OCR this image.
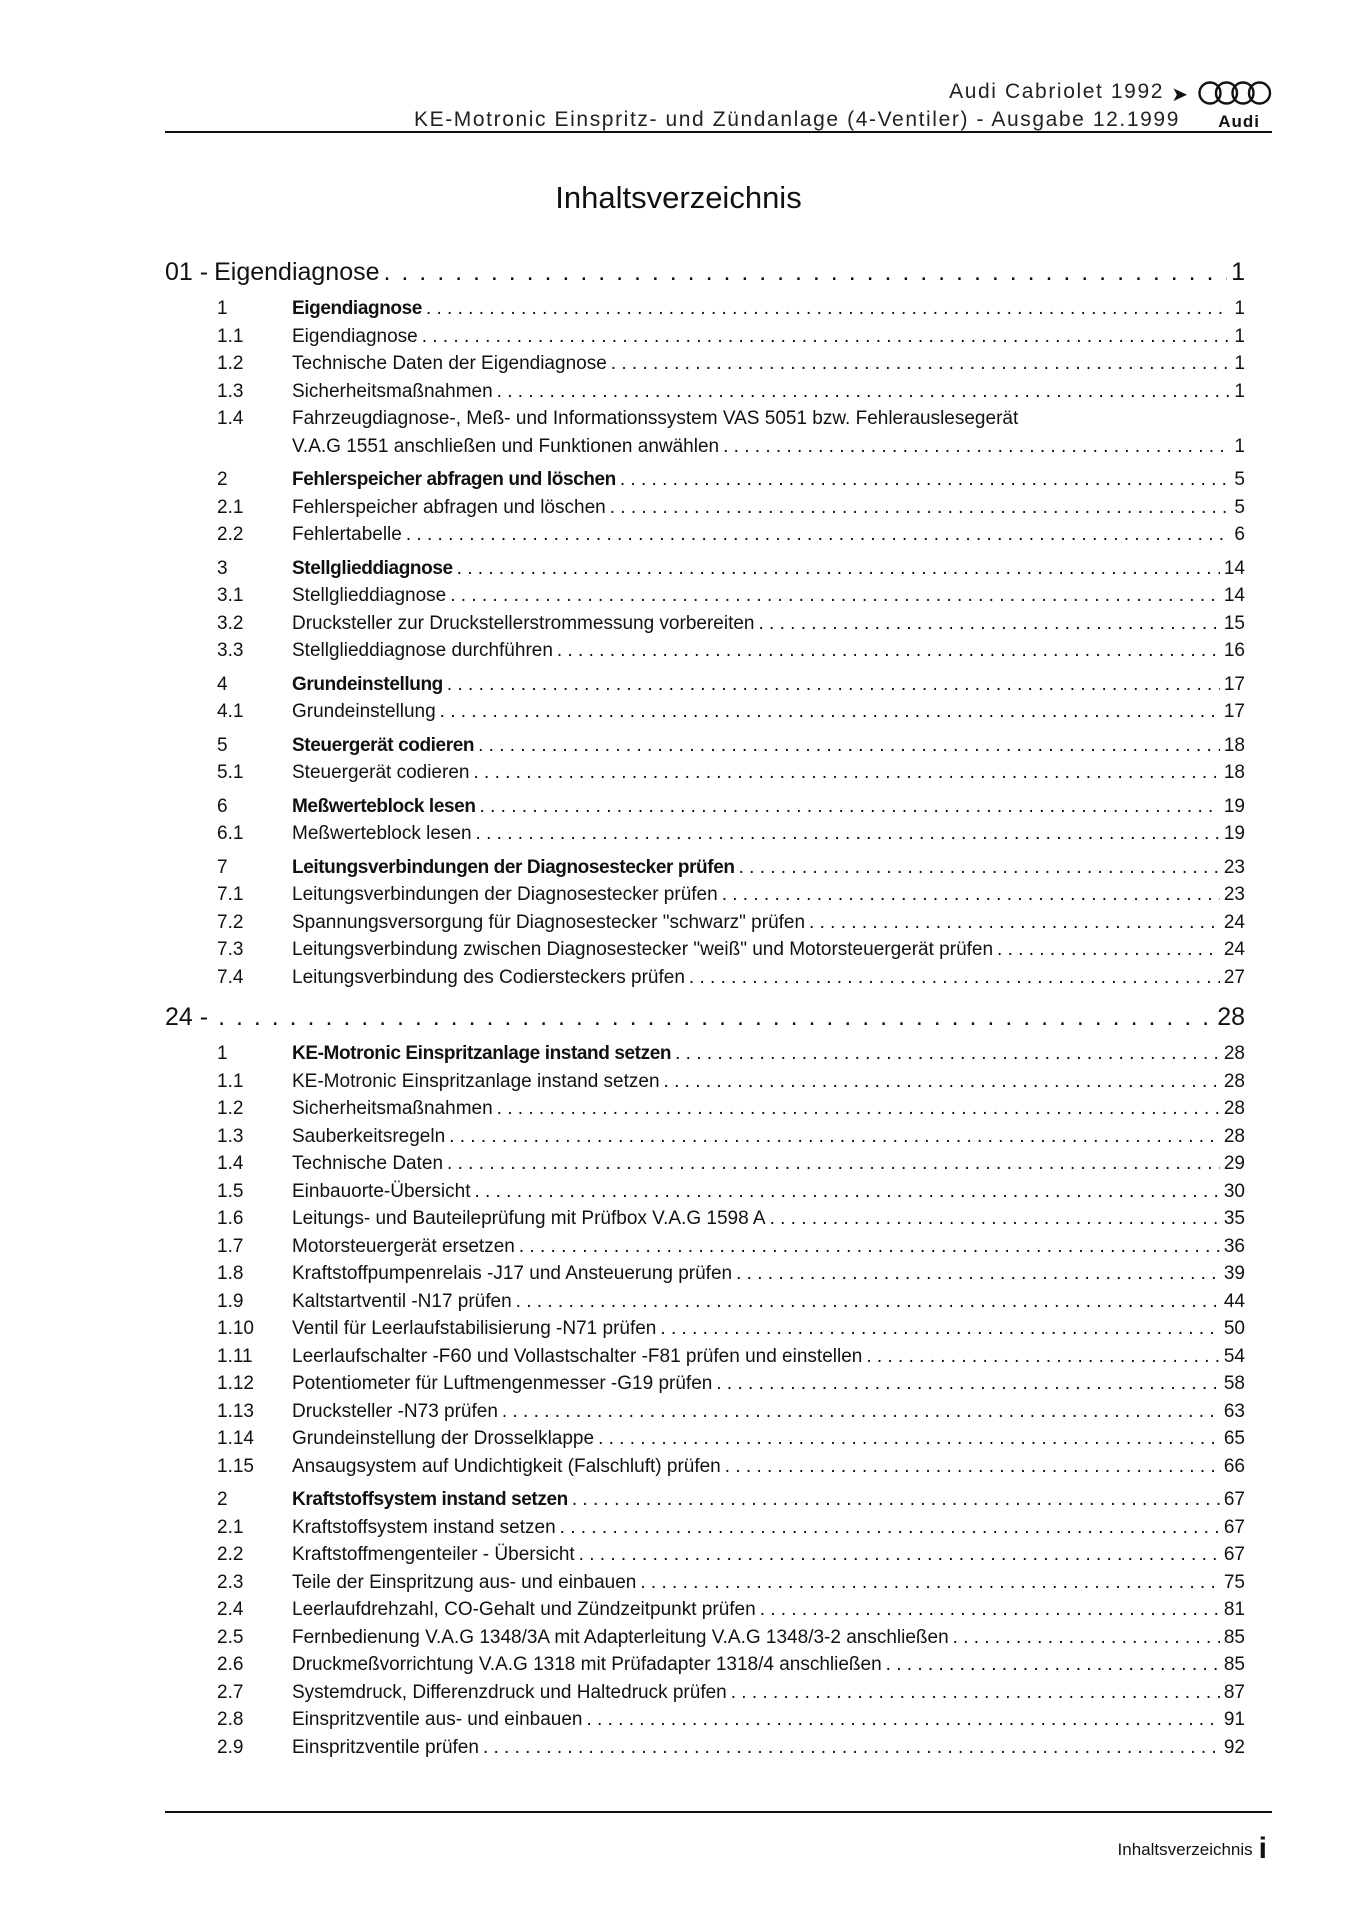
Audi Cabriolet 1992 ➤
KE-Motronic Einspritz- und Zündanlage (4-Ventiler) - Ausgabe 12.1999 Audi
Inhaltsverzeichnis
01 - Eigendiagnose . . .	1
1	Eigendiagnose . . .	1
1.1	Eigendiagnose . . .	1
1.2	Technische Daten der Eigendiagnose . . .	1
1.3	Sicherheitsmaßnahmen . . .	1
1.4	Fahrzeugdiagnose-, Meß- und Informationssystem VAS 5051 bzw. Fehlerauslesegerät
V.A.G 1551 anschließen und Funktionen anwählen . . .	1
2	Fehlerspeicher abfragen und löschen . . .	5
2.1	Fehlerspeicher abfragen und löschen . . .	5
2.2	Fehlertabelle . . .	6
3	Stellglieddiagnose . . .	14
3.1	Stellglieddiagnose . . .	14
3.2	Drucksteller zur Druckstellerstrommessung vorbereiten . . .	15
3.3	Stellglieddiagnose durchführen . . .	16
4	Grundeinstellung . . .	17
4.1	Grundeinstellung . . .	17
5	Steuergerät codieren . . .	18
5.1	Steuergerät codieren . . .	18
6	Meßwerteblock lesen . . .	19
6.1	Meßwerteblock lesen . . .	19
7	Leitungsverbindungen der Diagnosestecker prüfen . . .	23
7.1	Leitungsverbindungen der Diagnosestecker prüfen . . .	23
7.2	Spannungsversorgung für Diagnosestecker "schwarz" prüfen . . .	24
7.3	Leitungsverbindung zwischen Diagnosestecker "weiß" und Motorsteuergerät prüfen . . .	24
7.4	Leitungsverbindung des Codiersteckers prüfen . . .	27
24 - . . .	28
1	KE-Motronic Einspritzanlage instand setzen . . .	28
1.1	KE-Motronic Einspritzanlage instand setzen . . .	28
1.2	Sicherheitsmaßnahmen . . .	28
1.3	Sauberkeitsregeln . . .	28
1.4	Technische Daten . . .	29
1.5	Einbauorte-Übersicht . . .	30
1.6	Leitungs- und Bauteileprüfung mit Prüfbox V.A.G 1598 A . . .	35
1.7	Motorsteuergerät ersetzen . . .	36
1.8	Kraftstoffpumpenrelais -J17 und Ansteuerung prüfen . . .	39
1.9	Kaltstartventil -N17 prüfen . . .	44
1.10	Ventil für Leerlaufstabilisierung -N71 prüfen . . .	50
1.11	Leerlaufschalter -F60 und Vollastschalter -F81 prüfen und einstellen . . .	54
1.12	Potentiometer für Luftmengenmesser -G19 prüfen . . .	58
1.13	Drucksteller -N73 prüfen . . .	63
1.14	Grundeinstellung der Drosselklappe . . .	65
1.15	Ansaugsystem auf Undichtigkeit (Falschluft) prüfen . . .	66
2	Kraftstoffsystem instand setzen . . .	67
2.1	Kraftstoffsystem instand setzen . . .	67
2.2	Kraftstoffmengenteiler - Übersicht . . .	67
2.3	Teile der Einspritzung aus- und einbauen . . .	75
2.4	Leerlaufdrehzahl, CO-Gehalt und Zündzeitpunkt prüfen . . .	81
2.5	Fernbedienung V.A.G 1348/3A mit Adapterleitung V.A.G 1348/3-2 anschließen . . .	85
2.6	Druckmeßvorrichtung V.A.G 1318 mit Prüfadapter 1318/4 anschließen . . .	85
2.7	Systemdruck, Differenzdruck und Haltedruck prüfen . . .	87
2.8	Einspritzventile aus- und einbauen . . .	91
2.9	Einspritzventile prüfen . . .	92
Inhaltsverzeichnis i
